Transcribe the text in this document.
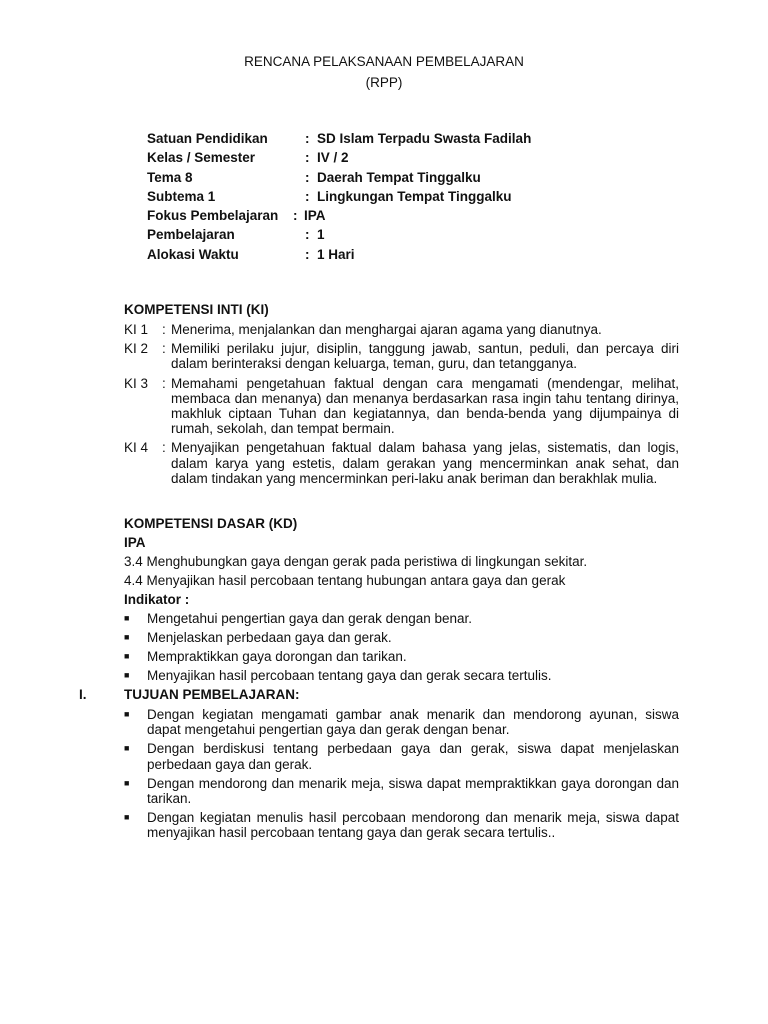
RENCANA PELAKSANAAN PEMBELAJARAN
(RPP)
Satuan Pendidikan	: SD Islam Terpadu Swasta Fadilah
Kelas / Semester	: IV / 2
Tema 8	: Daerah Tempat Tinggalku
Subtema 1	: Lingkungan Tempat Tinggalku
Fokus Pembelajaran : IPA
Pembelajaran	: 1
Alokasi Waktu	: 1 Hari
KOMPETENSI INTI (KI)
KI 1 : Menerima, menjalankan dan menghargai ajaran agama yang dianutnya.
KI 2 : Memiliki perilaku jujur, disiplin, tanggung jawab, santun, peduli, dan percaya diri dalam berinteraksi dengan keluarga, teman, guru, dan tetangganya.
KI 3 : Memahami pengetahuan faktual dengan cara mengamati (mendengar, melihat, membaca dan menanya) dan menanya berdasarkan rasa ingin tahu tentang dirinya, makhluk ciptaan Tuhan dan kegiatannya, dan benda-benda yang dijumpainya di rumah, sekolah, dan tempat bermain.
KI 4 : Menyajikan pengetahuan faktual dalam bahasa yang jelas, sistematis, dan logis, dalam karya yang estetis, dalam gerakan yang mencerminkan anak sehat, dan dalam tindakan yang mencerminkan peri-laku anak beriman dan berakhlak mulia.
KOMPETENSI DASAR (KD)
IPA
3.4 Menghubungkan gaya dengan gerak pada peristiwa di lingkungan sekitar.
4.4 Menyajikan hasil percobaan tentang hubungan antara gaya dan gerak
Indikator :
■ Mengetahui pengertian gaya dan gerak dengan benar.
■ Menjelaskan perbedaan gaya dan gerak.
■ Mempraktikkan gaya dorongan dan tarikan.
■ Menyajikan hasil percobaan tentang gaya dan gerak secara tertulis.
I.	TUJUAN PEMBELAJARAN:
■ Dengan kegiatan mengamati gambar anak menarik dan mendorong ayunan, siswa dapat mengetahui pengertian gaya dan gerak dengan benar.
■ Dengan berdiskusi tentang perbedaan gaya dan gerak, siswa dapat menjelaskan perbedaan gaya dan gerak.
■ Dengan mendorong dan menarik meja, siswa dapat mempraktikkan gaya dorongan dan tarikan.
■ Dengan kegiatan menulis hasil percobaan mendorong dan menarik meja, siswa dapat menyajikan hasil percobaan tentang gaya dan gerak secara tertulis..
